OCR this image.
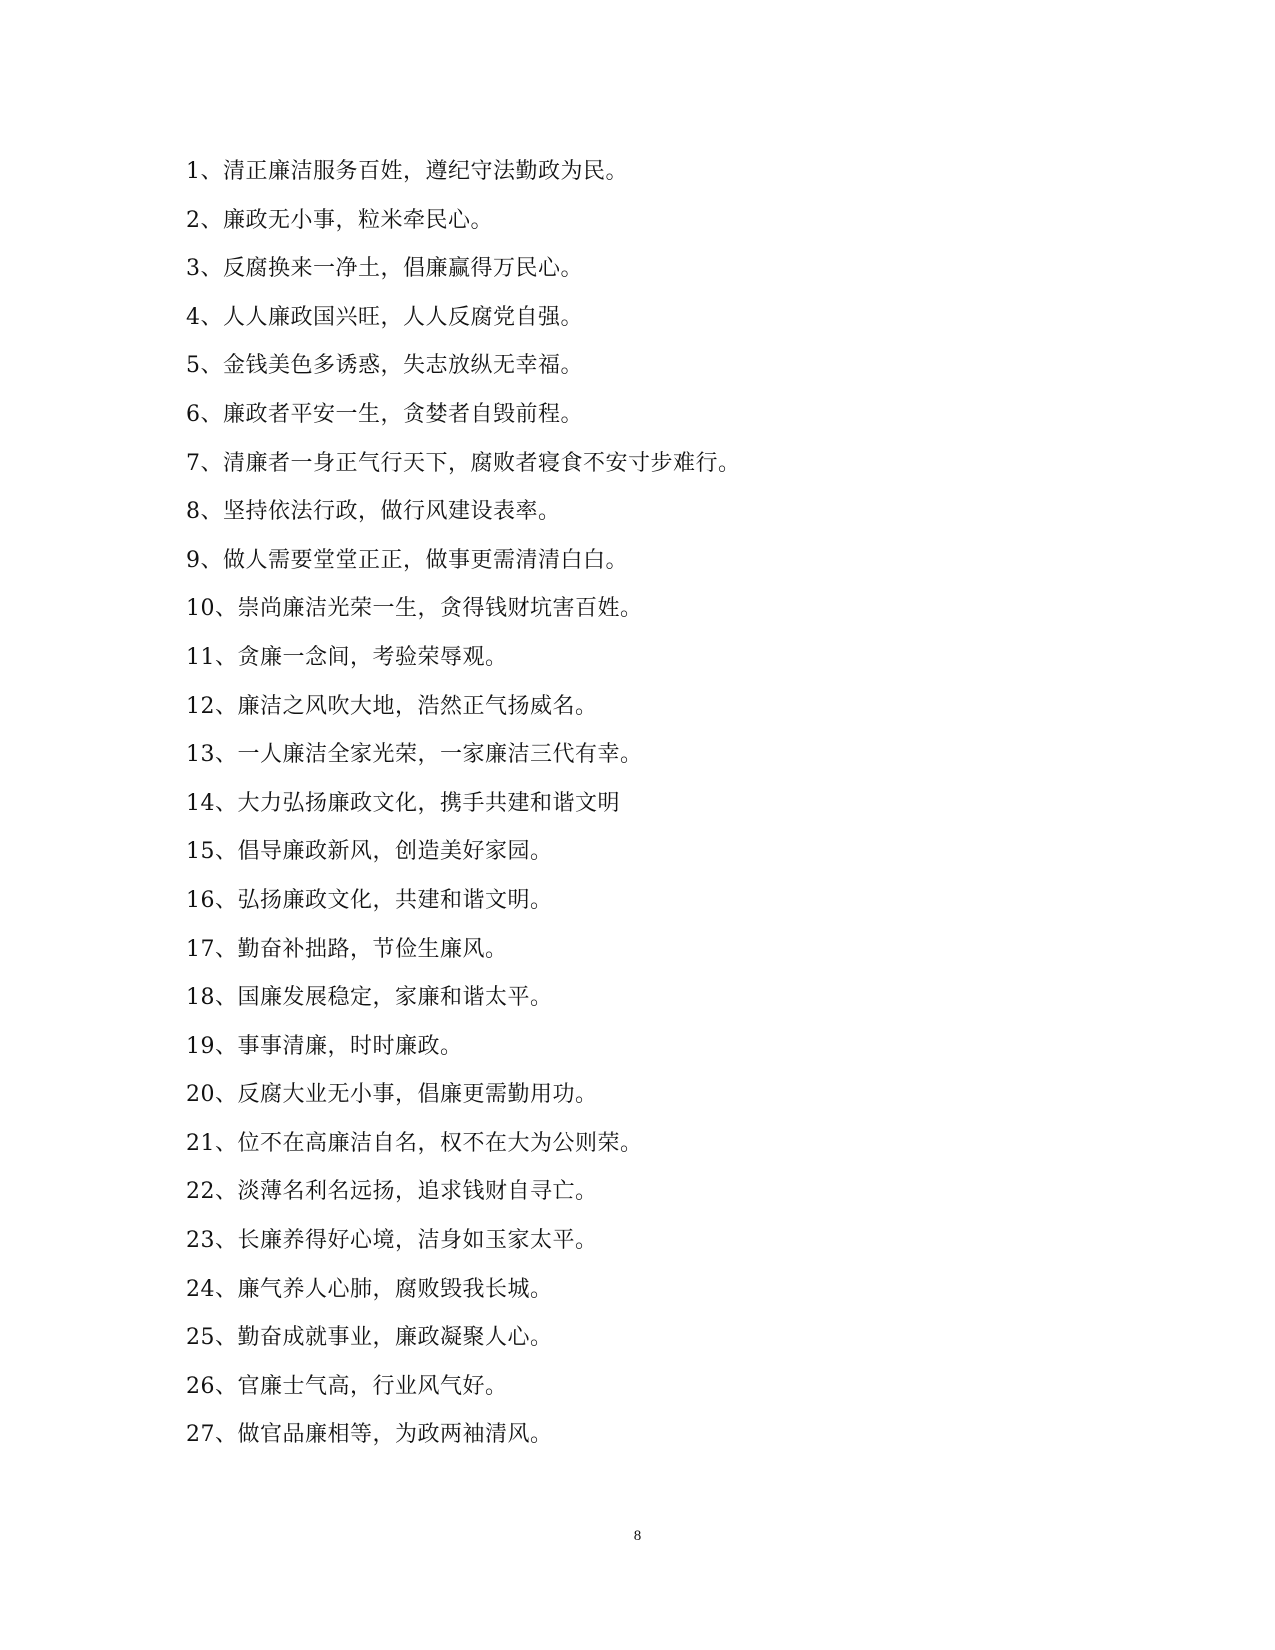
1、清正廉洁服务百姓，遵纪守法勤政为民。
2、廉政无小事，粒米牵民心。
3、反腐换来一净土，倡廉赢得万民心。
4、人人廉政国兴旺，人人反腐党自强。
5、金钱美色多诱惑，失志放纵无幸福。
6、廉政者平安一生，贪婪者自毁前程。
7、清廉者一身正气行天下，腐败者寝食不安寸步难行。
8、坚持依法行政，做行风建设表率。
9、做人需要堂堂正正，做事更需清清白白。
10、崇尚廉洁光荣一生，贪得钱财坑害百姓。
11、贪廉一念间，考验荣辱观。
12、廉洁之风吹大地，浩然正气扬威名。
13、一人廉洁全家光荣，一家廉洁三代有幸。
14、大力弘扬廉政文化，携手共建和谐文明
15、倡导廉政新风，创造美好家园。
16、弘扬廉政文化，共建和谐文明。
17、勤奋补拙路，节俭生廉风。
18、国廉发展稳定，家廉和谐太平。
19、事事清廉，时时廉政。
20、反腐大业无小事，倡廉更需勤用功。
21、位不在高廉洁自名，权不在大为公则荣。
22、淡薄名利名远扬，追求钱财自寻亡。
23、长廉养得好心境，洁身如玉家太平。
24、廉气养人心肺，腐败毁我长城。
25、勤奋成就事业，廉政凝聚人心。
26、官廉士气高，行业风气好。
27、做官品廉相等，为政两袖清风。
8
